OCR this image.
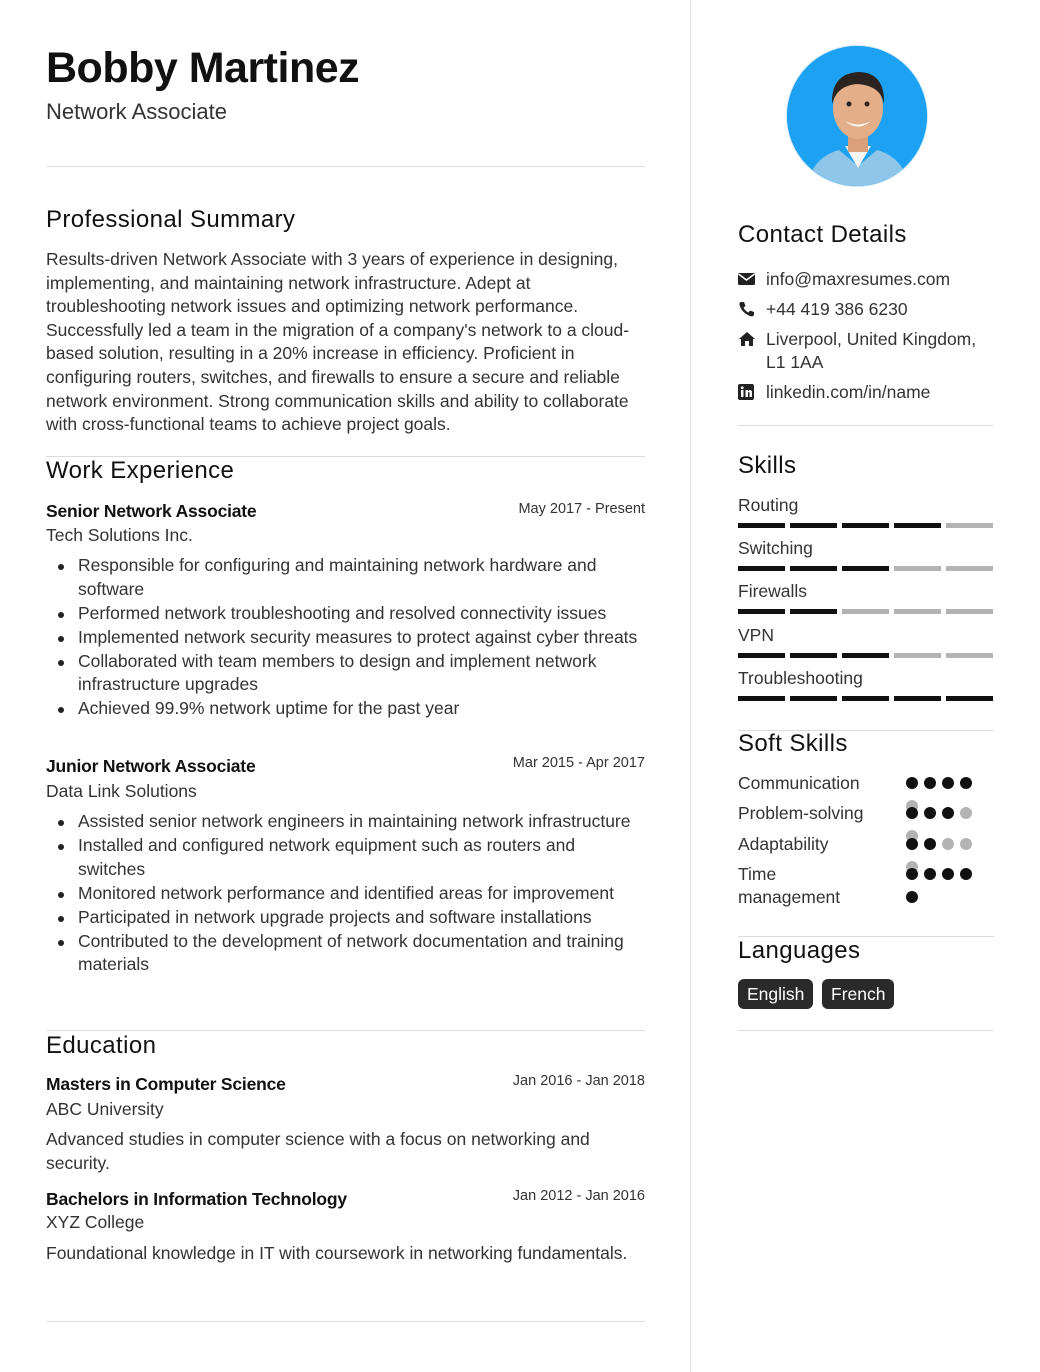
Bobby Martinez
Network Associate
Professional Summary
Results-driven Network Associate with 3 years of experience in designing, implementing, and maintaining network infrastructure. Adept at troubleshooting network issues and optimizing network performance. Successfully led a team in the migration of a company's network to a cloud-based solution, resulting in a 20% increase in efficiency. Proficient in configuring routers, switches, and firewalls to ensure a secure and reliable network environment. Strong communication skills and ability to collaborate with cross-functional teams to achieve project goals.
Work Experience
Senior Network Associate	May 2017 - Present
Tech Solutions Inc.
Responsible for configuring and maintaining network hardware and software
Performed network troubleshooting and resolved connectivity issues
Implemented network security measures to protect against cyber threats
Collaborated with team members to design and implement network infrastructure upgrades
Achieved 99.9% network uptime for the past year
Junior Network Associate	Mar 2015 - Apr 2017
Data Link Solutions
Assisted senior network engineers in maintaining network infrastructure
Installed and configured network equipment such as routers and switches
Monitored network performance and identified areas for improvement
Participated in network upgrade projects and software installations
Contributed to the development of network documentation and training materials
Education
Masters in Computer Science	Jan 2016 - Jan 2018
ABC University
Advanced studies in computer science with a focus on networking and security.
Bachelors in Information Technology	Jan 2012 - Jan 2016
XYZ College
Foundational knowledge in IT with coursework in networking fundamentals.
Contact Details
info@maxresumes.com
+44 419 386 6230
Liverpool, United Kingdom, L1 1AA
linkedin.com/in/name
Skills
Routing
Switching
Firewalls
VPN
Troubleshooting
Soft Skills
Communication
Problem-solving
Adaptability
Time management
Languages
English	French
